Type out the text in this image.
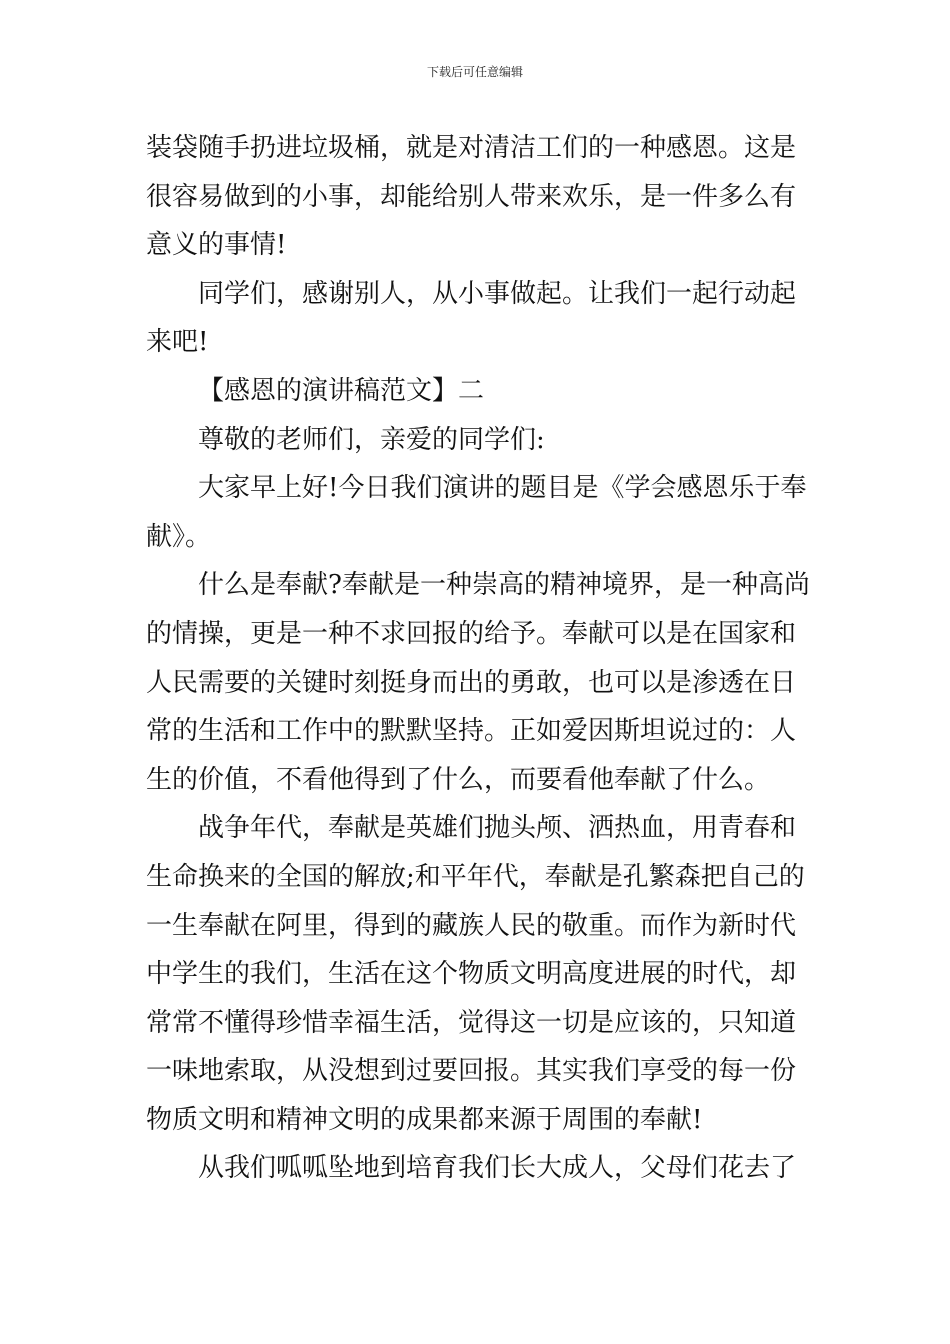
下载后可任意编辑

装袋随手扔进垃圾桶，就是对清洁工们的一种感恩。这是
很容易做到的小事，却能给别人带来欢乐，是一件多么有
意义的事情!

同学们，感谢别人，从小事做起。让我们一起行动起
来吧!

【感恩的演讲稿范文】二

尊敬的老师们，亲爱的同学们:

大家早上好!今日我们演讲的题目是《学会感恩乐于奉
献》。

什么是奉献?奉献是一种崇高的精神境界，是一种高尚
的情操，更是一种不求回报的给予。奉献可以是在国家和
人民需要的关键时刻挺身而出的勇敢，也可以是渗透在日
常的生活和工作中的默默坚持。正如爱因斯坦说过的：人
生的价值，不看他得到了什么，而要看他奉献了什么。

战争年代，奉献是英雄们抛头颅、洒热血，用青春和
生命换来的全国的解放;和平年代，奉献是孔繁森把自己的
一生奉献在阿里，得到的藏族人民的敬重。而作为新时代
中学生的我们，生活在这个物质文明高度进展的时代，却
常常不懂得珍惜幸福生活，觉得这一切是应该的，只知道
一味地索取，从没想到过要回报。其实我们享受的每一份
物质文明和精神文明的成果都来源于周围的奉献!

从我们呱呱坠地到培育我们长大成人，父母们花去了
